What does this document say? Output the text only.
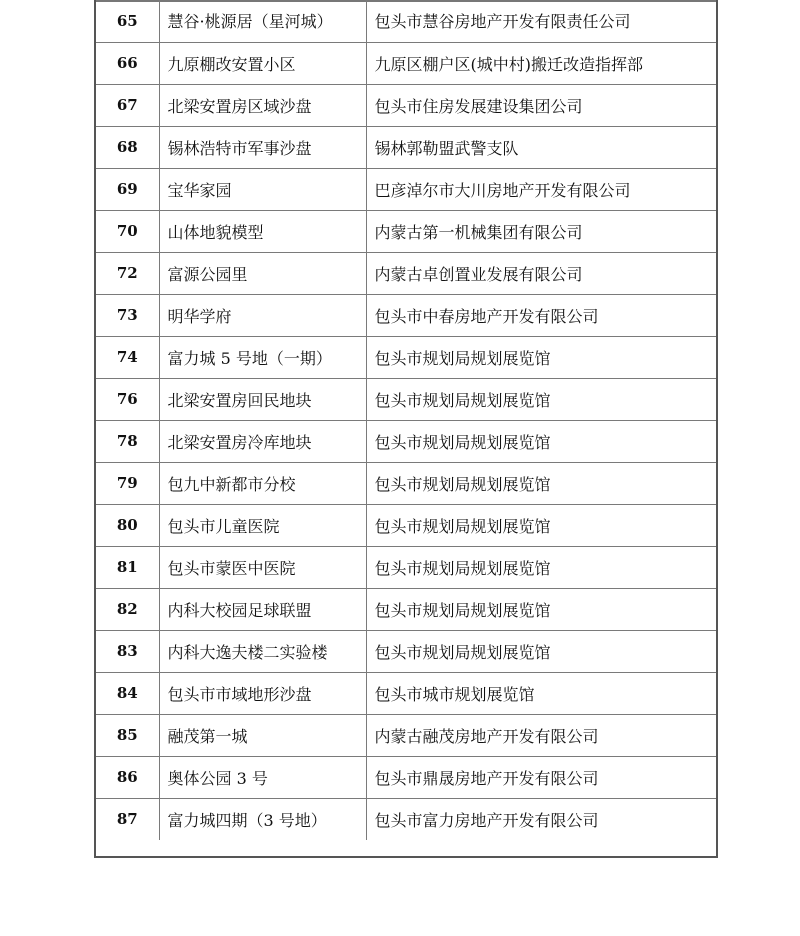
65	慧谷·桃源居（星河城）	包头市慧谷房地产开发有限责任公司
66	九原棚改安置小区	九原区棚户区(城中村)搬迁改造指挥部
67	北梁安置房区域沙盘	包头市住房发展建设集团公司
68	锡林浩特市军事沙盘	锡林郭勒盟武警支队
69	宝华家园	巴彦淖尔市大川房地产开发有限公司
70	山体地貌模型	内蒙古第一机械集团有限公司
72	富源公园里	内蒙古卓创置业发展有限公司
73	明华学府	包头市中春房地产开发有限公司
74	富力城 5 号地（一期）	包头市规划局规划展览馆
76	北梁安置房回民地块	包头市规划局规划展览馆
78	北梁安置房冷库地块	包头市规划局规划展览馆
79	包九中新都市分校	包头市规划局规划展览馆
80	包头市儿童医院	包头市规划局规划展览馆
81	包头市蒙医中医院	包头市规划局规划展览馆
82	内科大校园足球联盟	包头市规划局规划展览馆
83	内科大逸夫楼二实验楼	包头市规划局规划展览馆
84	包头市市域地形沙盘	包头市城市规划展览馆
85	融茂第一城	内蒙古融茂房地产开发有限公司
86	奥体公园 3 号	包头市鼎晟房地产开发有限公司
87	富力城四期（3 号地）	包头市富力房地产开发有限公司
